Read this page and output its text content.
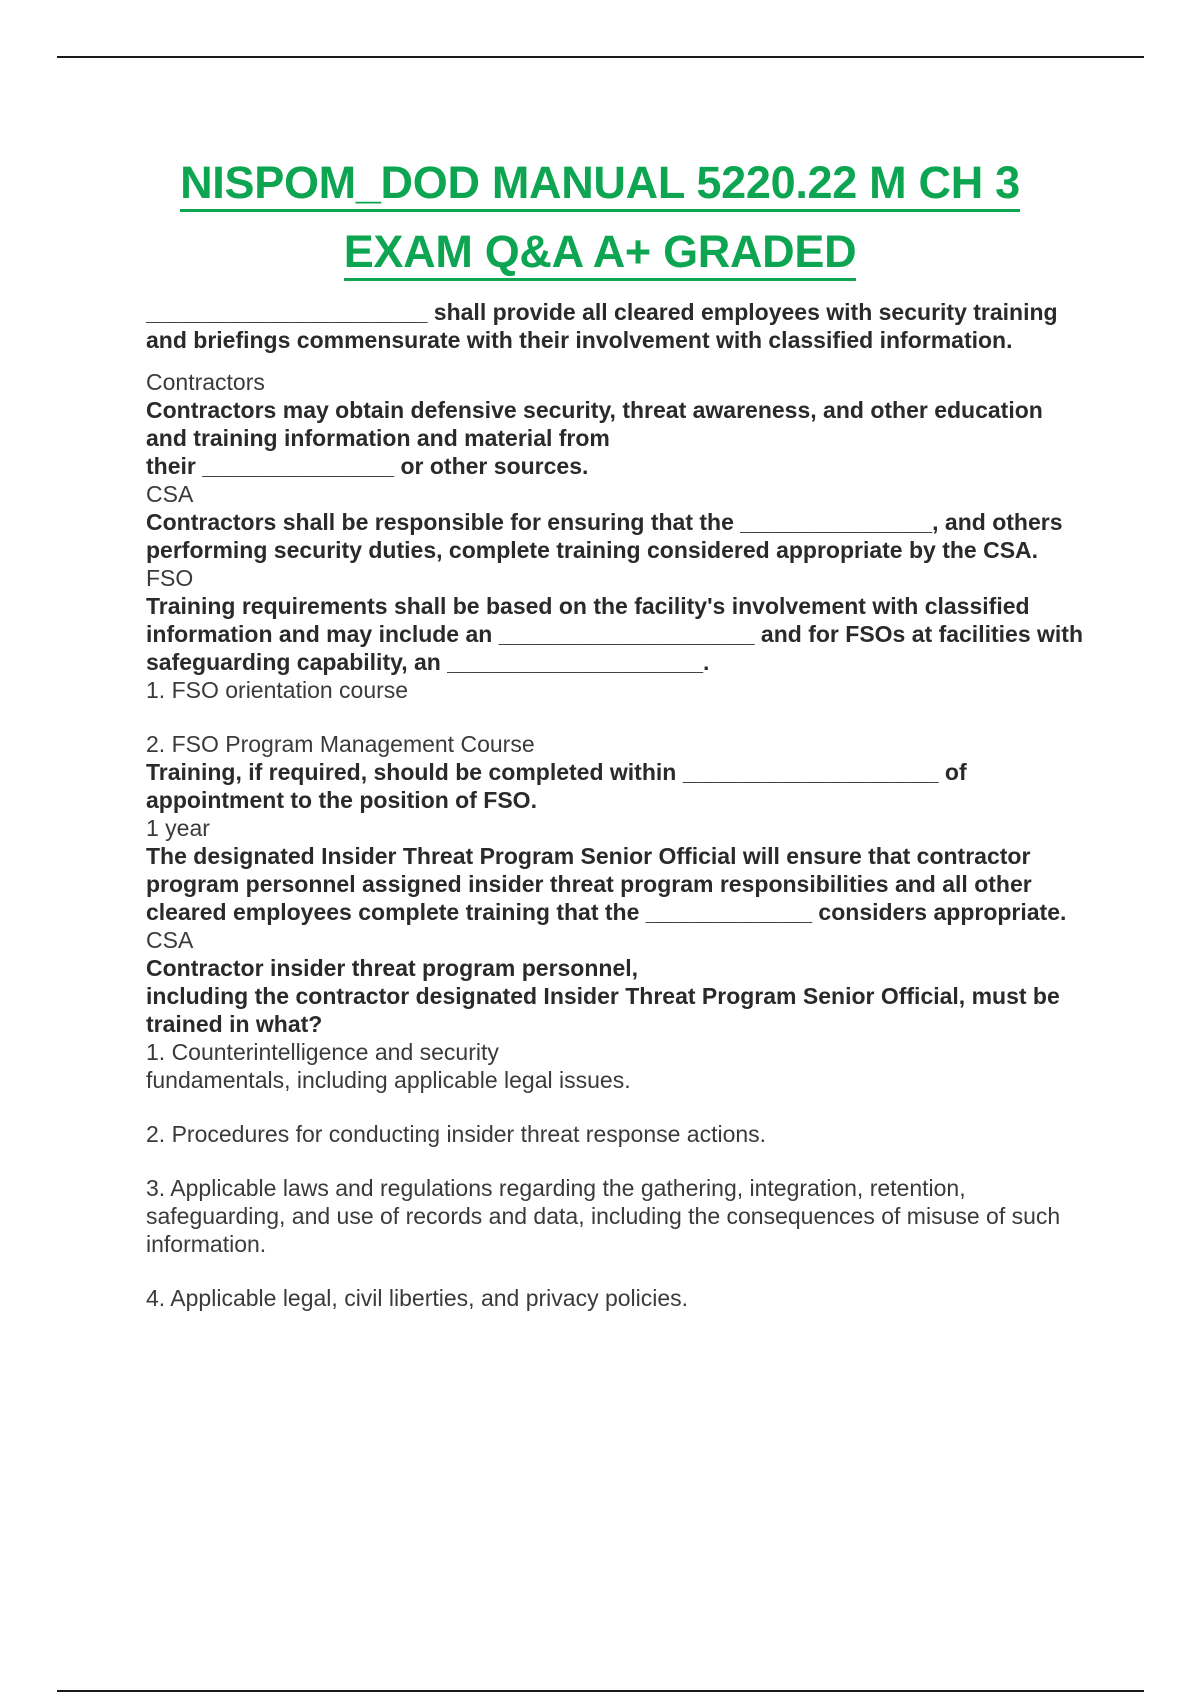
NISPOM_DOD MANUAL 5220.22 M CH 3
EXAM Q&A A+ GRADED

______________________ shall provide all cleared employees with security training and briefings commensurate with their involvement with classified information.

Contractors

Contractors may obtain defensive security, threat awareness, and other education and training information and material from
their _______________ or other sources.

CSA

Contractors shall be responsible for ensuring that the _______________, and others performing security duties, complete training considered appropriate by the CSA.

FSO

Training requirements shall be based on the facility's involvement with classified information and may include an ____________________ and for FSOs at facilities with safeguarding capability, an ____________________.

1. FSO orientation course

2. FSO Program Management Course

Training, if required, should be completed within ____________________ of appointment to the position of FSO.

1 year

The designated Insider Threat Program Senior Official will ensure that contractor program personnel assigned insider threat program responsibilities and all other cleared employees complete training that the _____________ considers appropriate.

CSA

Contractor insider threat program personnel,
including the contractor designated Insider Threat Program Senior Official, must be trained in what?

1. Counterintelligence and security
fundamentals, including applicable legal issues.

2. Procedures for conducting insider threat response actions.

3. Applicable laws and regulations regarding the gathering, integration, retention, safeguarding, and use of records and data, including the consequences of misuse of such information.

4. Applicable legal, civil liberties, and privacy policies.
